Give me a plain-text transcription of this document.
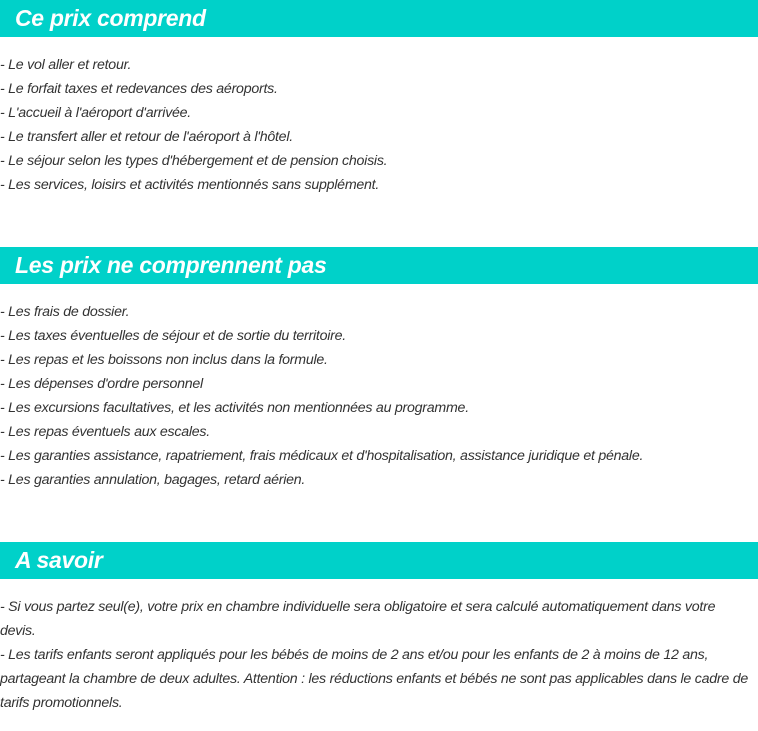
Ce prix comprend
- Le vol aller et retour.
- Le forfait taxes et redevances des aéroports.
- L'accueil à l'aéroport d'arrivée.
- Le transfert aller et retour de l'aéroport à l'hôtel.
- Le séjour selon les types d'hébergement et de pension choisis.
- Les services, loisirs et activités mentionnés sans supplément.
Les prix ne comprennent pas
- Les frais de dossier.
- Les taxes éventuelles de séjour et de sortie du territoire.
- Les repas et les boissons non inclus dans la formule.
- Les dépenses d'ordre personnel
- Les excursions facultatives, et les activités non mentionnées au programme.
- Les repas éventuels aux escales.
- Les garanties assistance, rapatriement, frais médicaux et d'hospitalisation, assistance juridique et pénale.
- Les garanties annulation, bagages, retard aérien.
A savoir

- Si vous partez seul(e), votre prix en chambre individuelle sera obligatoire et sera calculé automatiquement dans votre devis.

- Les tarifs enfants seront appliqués pour les bébés de moins de 2 ans et/ou pour les enfants de 2 à moins de 12 ans, partageant la chambre de deux adultes. Attention : les réductions enfants et bébés ne sont pas applicables dans le cadre de tarifs promotionnels.
